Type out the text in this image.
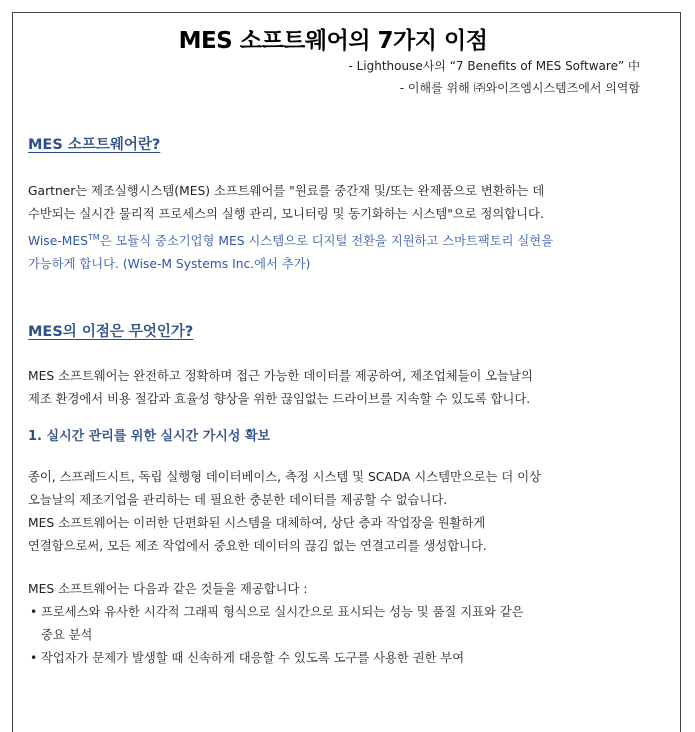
MES 소프트웨어의 7가지 이점
- Lighthouse사의 “7 Benefits of MES Software” 中
- 이해를 위해 ㈜와이즈엠시스템즈에서 의역함
MES 소프트웨어란?
Gartner는 제조실행시스템(MES) 소프트웨어를 "원료를 중간재 및/또는 완제품으로 변환하는 데
수반되는 실시간 물리적 프로세스의 실행 관리, 모니터링 및 동기화하는 시스템"으로 정의합니다.
Wise-MES™은 모듈식 중소기업형 MES 시스템으로 디지털 전환을 지원하고 스마트팩토리 실현을
가능하게 합니다. (Wise-M Systems Inc.에서 추가)
MES의 이점은 무엇인가?
MES 소프트웨어는 완전하고 정확하며 접근 가능한 데이터를 제공하여, 제조업체들이 오늘날의
제조 환경에서 비용 절감과 효율성 향상을 위한 끊임없는 드라이브를 지속할 수 있도록 합니다.
1. 실시간 관리를 위한 실시간 가시성 확보
종이, 스프레드시트, 독립 실행형 데이터베이스, 측정 시스템 및 SCADA 시스템만으로는 더 이상
오늘날의 제조기업을 관리하는 데 필요한 충분한 데이터를 제공할 수 없습니다.
MES 소프트웨어는 이러한 단편화된 시스템을 대체하여, 상단 층과 작업장을 원활하게
연결함으로써, 모든 제조 작업에서 중요한 데이터의 끊김 없는 연결고리를 생성합니다.
MES 소프트웨어는 다음과 같은 것들을 제공합니다 :
• 프로세스와 유사한 시각적 그래픽 형식으로 실시간으로 표시되는 성능 및 품질 지표와 같은
중요 분석
• 작업자가 문제가 발생할 때 신속하게 대응할 수 있도록 도구를 사용한 권한 부여
